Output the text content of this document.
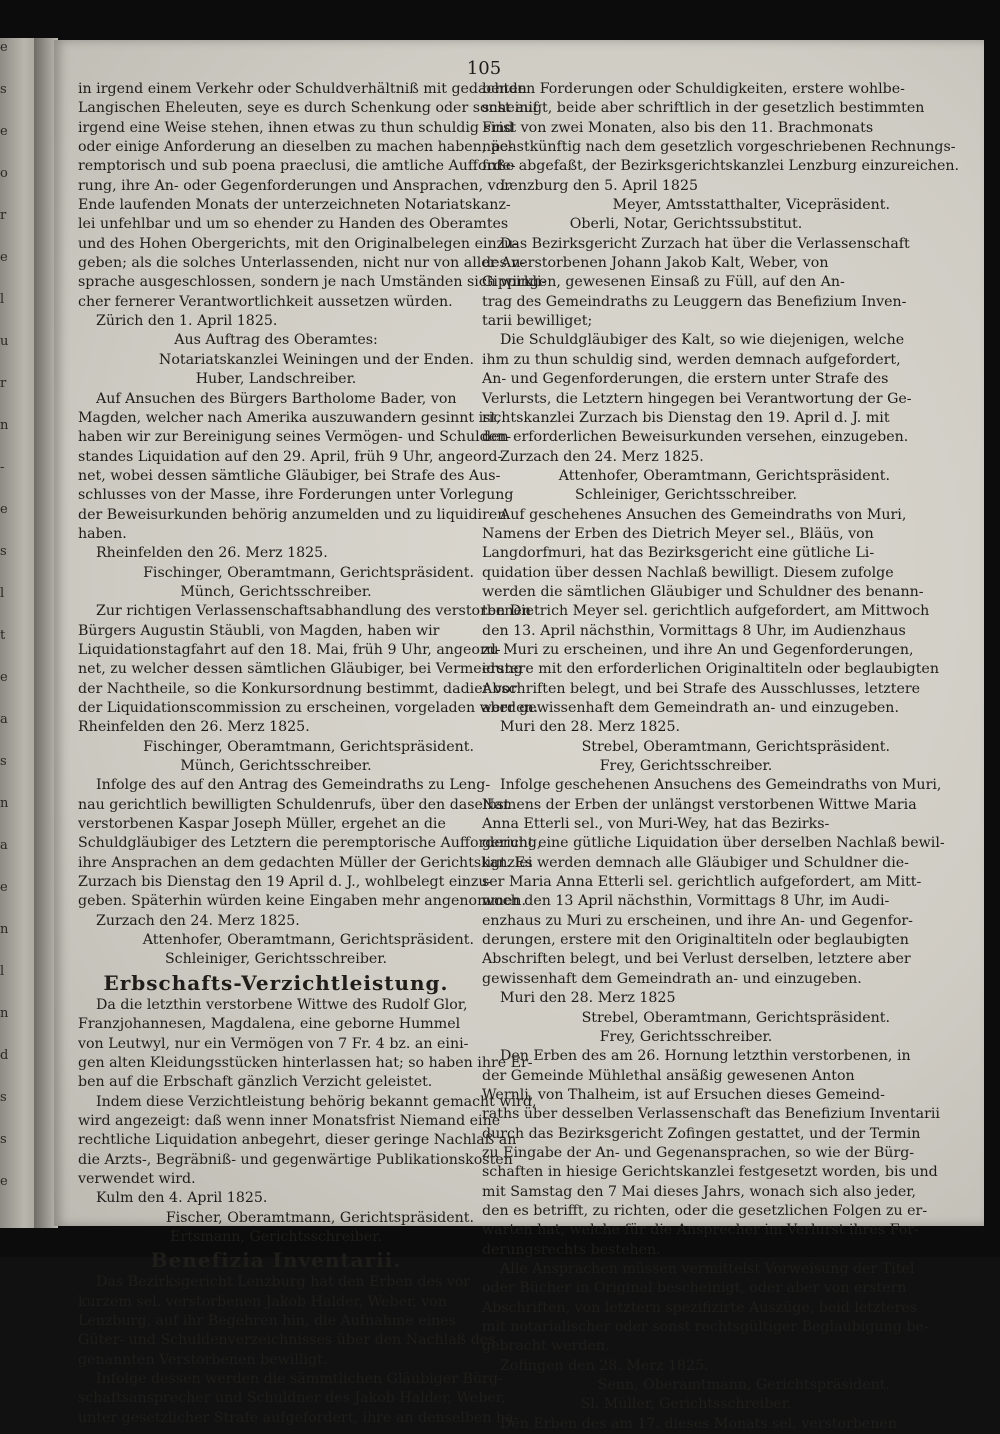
e
s
e
o
r
e
l
u
r
n
-
e
s
l
t
e
a
s
n
a
e
n
l
n
d
s
s
e
105
in irgend einem Verkehr oder Schuldverhältniß mit gedachten
Langischen Eheleuten, seye es durch Schenkung oder sonst auf
irgend eine Weise stehen, ihnen etwas zu thun schuldig sind
oder einige Anforderung an dieselben zu machen haben, pe-
remptorisch und sub poena praeclusi, die amtliche Aufforde-
rung, ihre An- oder Gegenforderungen und Ansprachen, vor
Ende laufenden Monats der unterzeichneten Notariatskanz-
lei unfehlbar und um so ehender zu Handen des Oberamtes
und des Hohen Obergerichts, mit den Originalbelegen einzu-
geben; als die solches Unterlassenden, nicht nur von aller An-
sprache ausgeschlossen, sondern je nach Umständen sich wirkli-
cher fernerer Verantwortlichkeit aussetzen würden.
Zürich den 1. April 1825.
Aus Auftrag des Oberamtes:
Notariatskanzlei Weiningen und der Enden.
Huber, Landschreiber.
Auf Ansuchen des Bürgers Bartholome Bader, von
Magden, welcher nach Amerika auszuwandern gesinnt ist,
haben wir zur Bereinigung seines Vermögen- und Schulden-
standes Liquidation auf den 29. April, früh 9 Uhr, angeord-
net, wobei dessen sämtliche Gläubiger, bei Strafe des Aus-
schlusses von der Masse, ihre Forderungen unter Vorlegung
der Beweisurkunden behörig anzumelden und zu liquidiren
haben.
Rheinfelden den 26. Merz 1825.
Fischinger, Oberamtmann, Gerichtspräsident.
Münch, Gerichtsschreiber.
Zur richtigen Verlassenschaftsabhandlung des verstorbenen
Bürgers Augustin Stäubli, von Magden, haben wir
Liquidationstagfahrt auf den 18. Mai, früh 9 Uhr, angeord-
net, zu welcher dessen sämtlichen Gläubiger, bei Vermeidung
der Nachtheile, so die Konkursordnung bestimmt, dadier vor
der Liquidationscommission zu erscheinen, vorgeladen werden.
Rheinfelden den 26. Merz 1825.
Fischinger, Oberamtmann, Gerichtspräsident.
Münch, Gerichtsschreiber.
Infolge des auf den Antrag des Gemeindraths zu Leng-
nau gerichtlich bewilligten Schuldenrufs, über den daselbst
verstorbenen Kaspar Joseph Müller, ergehet an die
Schuldgläubiger des Letztern die peremptorische Aufforderung,
ihre Ansprachen an dem gedachten Müller der Gerichtskanzlei
Zurzach bis Dienstag den 19 April d. J., wohlbelegt einzu-
geben. Späterhin würden keine Eingaben mehr angenommen.
Zurzach den 24. Merz 1825.
Attenhofer, Oberamtmann, Gerichtspräsident.
Schleiniger, Gerichtsschreiber.
Erbschafts-Verzichtleistung.
Da die letzthin verstorbene Wittwe des Rudolf Glor,
Franzjohannesen, Magdalena, eine geborne Hummel
von Leutwyl, nur ein Vermögen von 7 Fr. 4 bz. an eini-
gen alten Kleidungsstücken hinterlassen hat; so haben ihre Er-
ben auf die Erbschaft gänzlich Verzicht geleistet.
Indem diese Verzichtleistung behörig bekannt gemacht wird,
wird angezeigt: daß wenn inner Monatsfrist Niemand eine
rechtliche Liquidation anbegehrt, dieser geringe Nachlaß an
die Arzts-, Begräbniß- und gegenwärtige Publikationskosten
verwendet wird.
Kulm den 4. April 1825.
Fischer, Oberamtmann, Gerichtspräsident.
Ertsmann, Gerichtsschreiber.
Benefizia Inventarii.
Das Bezirksgericht Lenzburg hat den Erben des vor
kurzem sel. verstorbenen Jakob Halder, Weber, von
Lenzburg, auf ihr Begehren hin, die Aufnahme eines
Güter- und Schuldenverzeichnisses über den Nachlaß des
genannten Verstorbenen bewilligt.
Infolge dessen werden die sämmtlichen Gläubiger Bürg-
schaftsansprecher und Schuldner des Jakob Halder, Weber,
unter gesetzlicher Strafe aufgefordert, ihre an denselben ha-
benden Forderungen oder Schuldigkeiten, erstere wohlbe-
scheinigt, beide aber schriftlich in der gesetzlich bestimmten
Frist von zwei Monaten, also bis den 11. Brachmonats
nächstkünftig nach dem gesetzlich vorgeschriebenen Rechnungs-
fuße abgefaßt, der Bezirksgerichtskanzlei Lenzburg einzureichen.
Lenzburg den 5. April 1825
Meyer, Amtsstatthalter, Vicepräsident.
Oberli, Notar, Gerichtssubstitut.
Das Bezirksgericht Zurzach hat über die Verlassenschaft
des verstorbenen Johann Jakob Kalt, Weber, von
Gippingen, gewesenen Einsaß zu Füll, auf den An-
trag des Gemeindraths zu Leuggern das Benefizium Inven-
tarii bewilliget;
Die Schuldgläubiger des Kalt, so wie diejenigen, welche
ihm zu thun schuldig sind, werden demnach aufgefordert,
An- und Gegenforderungen, die erstern unter Strafe des
Verlursts, die Letztern hingegen bei Verantwortung der Ge-
richtskanzlei Zurzach bis Dienstag den 19. April d. J. mit
den erforderlichen Beweisurkunden versehen, einzugeben.
Zurzach den 24. Merz 1825.
Attenhofer, Oberamtmann, Gerichtspräsident.
Schleiniger, Gerichtsschreiber.
Auf geschehenes Ansuchen des Gemeindraths von Muri,
Namens der Erben des Dietrich Meyer sel., Bläüs, von
Langdorfmuri, hat das Bezirksgericht eine gütliche Li-
quidation über dessen Nachlaß bewilligt. Diesem zufolge
werden die sämtlichen Gläubiger und Schuldner des benann-
ten Dietrich Meyer sel. gerichtlich aufgefordert, am Mittwoch
den 13. April nächsthin, Vormittags 8 Uhr, im Audienzhaus
zu Muri zu erscheinen, und ihre An und Gegenforderungen,
erstere mit den erforderlichen Originaltiteln oder beglaubigten
Abschriften belegt, und bei Strafe des Ausschlusses, letztere
aber gewissenhaft dem Gemeindrath an- und einzugeben.
Muri den 28. Merz 1825.
Strebel, Oberamtmann, Gerichtspräsident.
Frey, Gerichtsschreiber.
Infolge geschehenen Ansuchens des Gemeindraths von Muri,
Namens der Erben der unlängst verstorbenen Wittwe Maria
Anna Etterli sel., von Muri-Wey, hat das Bezirks-
gericht eine gütliche Liquidation über derselben Nachlaß bewil-
ligt. Es werden demnach alle Gläubiger und Schuldner die-
ser Maria Anna Etterli sel. gerichtlich aufgefordert, am Mitt-
woch den 13 April nächsthin, Vormittags 8 Uhr, im Audi-
enzhaus zu Muri zu erscheinen, und ihre An- und Gegenfor-
derungen, erstere mit den Originaltiteln oder beglaubigten
Abschriften belegt, und bei Verlust derselben, letztere aber
gewissenhaft dem Gemeindrath an- und einzugeben.
Muri den 28. Merz 1825
Strebel, Oberamtmann, Gerichtspräsident.
Frey, Gerichtsschreiber.
Den Erben des am 26. Hornung letzthin verstorbenen, in
der Gemeinde Mühlethal ansäßig gewesenen Anton
Wernli, von Thalheim, ist auf Ersuchen dieses Gemeind-
raths über desselben Verlassenschaft das Benefizium Inventarii
durch das Bezirksgericht Zofingen gestattet, und der Termin
zu Eingabe der An- und Gegenansprachen, so wie der Bürg-
schaften in hiesige Gerichtskanzlei festgesetzt worden, bis und
mit Samstag den 7 Mai dieses Jahrs, wonach sich also jeder,
den es betrifft, zu richten, oder die gesetzlichen Folgen zu er-
warten hat, welche für die Ansprecher im Verlurst ihres For-
derungsrechts bestehen.
Alle Ansprachen müssen vermittelst Vorweisung der Titel
oder Bücher in Original bescheinigt, oder aber von erstern
Abschriften, von letztern spezifizirte Auszüge, beid letzteres
mit notarialischer oder sonst rechtsgültiger Beglaubigung be-
gebracht werden.
Zofingen den 28. Merz 1825.
Senn, Oberamtmann, Gerichtspräsident.
Sl. Müller, Gerichtsschreiber.
Den Erben des am 17. dieses Monats sel. verstorbenen
